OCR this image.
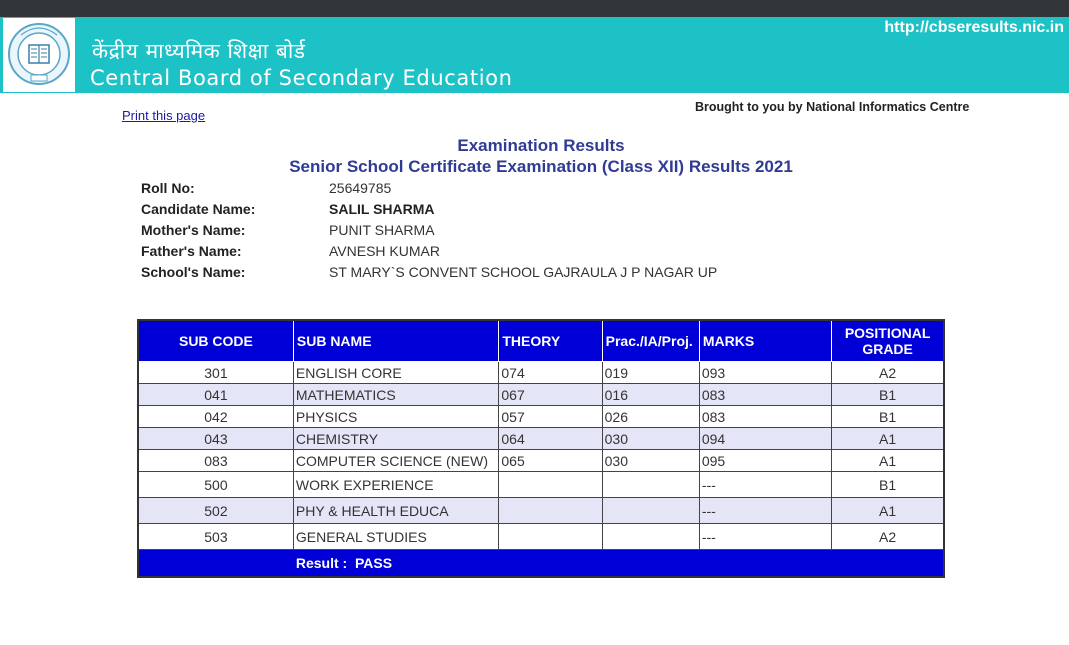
केंद्रीय माध्यमिक शिक्षा बोर्ड
Central Board of Secondary Education
http://cbseresults.nic.in
Print this page
Brought to you by National Informatics Centre
Examination Results
Senior School Certificate Examination (Class XII) Results 2021
Roll No:	25649785
Candidate Name:	SALIL SHARMA
Mother's Name:	PUNIT SHARMA
Father's Name:	AVNESH KUMAR
School's Name:	ST MARY`S CONVENT SCHOOL GAJRAULA J P NAGAR UP
SUB CODE	SUB NAME	THEORY	Prac./IA/Proj.	MARKS	POSITIONAL
GRADE
301	ENGLISH CORE	074	019	093	A2
041	MATHEMATICS	067	016	083	B1
042	PHYSICS	057	026	083	B1
043	CHEMISTRY	064	030	094	A1
083	COMPUTER SCIENCE (NEW)	065	030	095	A1
500	WORK EXPERIENCE			---	B1
502	PHY & HEALTH EDUCA			---	A1
503	GENERAL STUDIES			---	A2
	Result : PASS				
